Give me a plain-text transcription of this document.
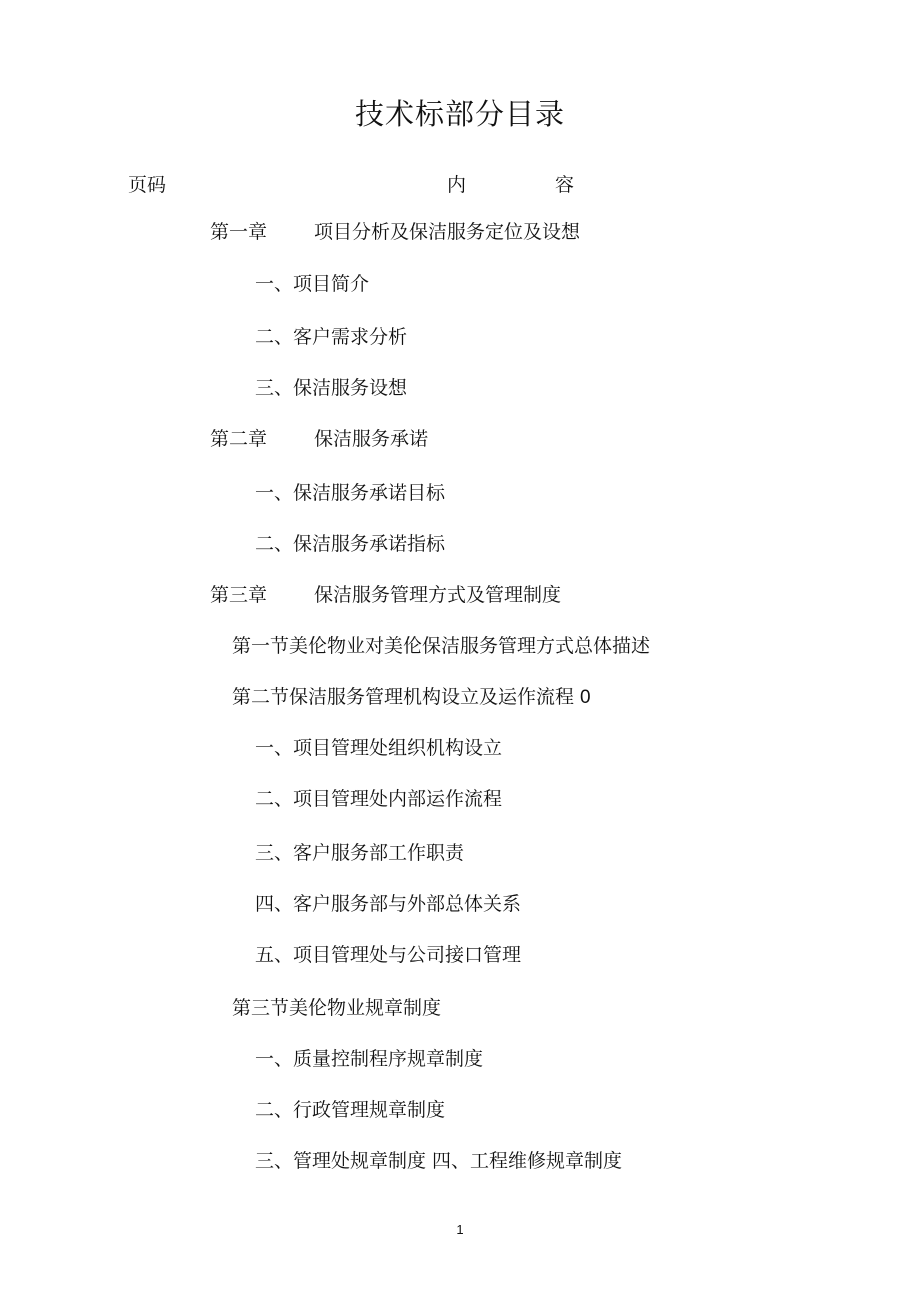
技术标部分目录
页码	内	容
第一章 项目分析及保洁服务定位及设想
一、项目简介
二、客户需求分析
三、保洁服务设想
第二章 保洁服务承诺
一、保洁服务承诺目标
二、保洁服务承诺指标
第三章 保洁服务管理方式及管理制度
第一节美伦物业对美伦保洁服务管理方式总体描述
第二节保洁服务管理机构设立及运作流程 0
一、项目管理处组织机构设立
二、项目管理处内部运作流程
三、客户服务部工作职责
四、客户服务部与外部总体关系
五、项目管理处与公司接口管理
第三节美伦物业规章制度
一、质量控制程序规章制度
二、行政管理规章制度
三、管理处规章制度 四、工程维修规章制度
1
